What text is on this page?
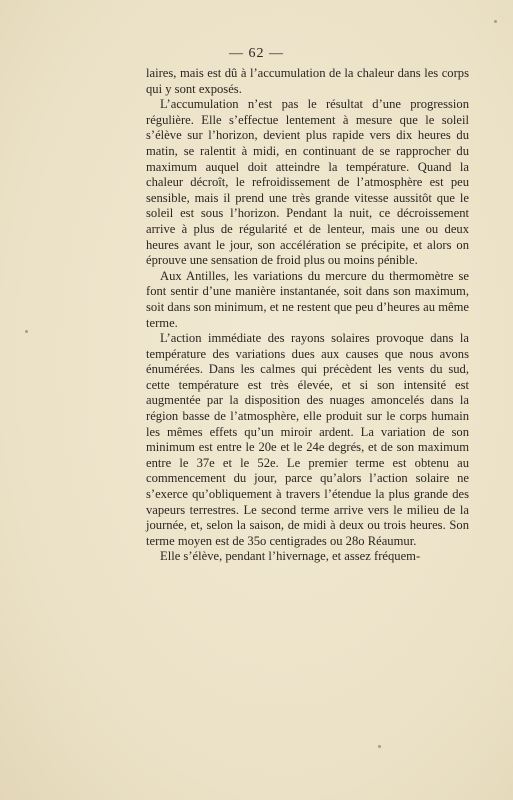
— 62 —

laires, mais est dû à l’accumulation de la chaleur dans les corps qui y sont exposés.

L’accumulation n’est pas le résultat d’une progression régulière. Elle s’effectue lentement à mesure que le soleil s’élève sur l’horizon, devient plus rapide vers dix heures du matin, se ralentit à midi, en continuant de se rapprocher du maximum auquel doit atteindre la température. Quand la chaleur décroît, le refroidissement de l’atmosphère est peu sensible, mais il prend une très grande vitesse aussitôt que le soleil est sous l’horizon. Pendant la nuit, ce décroissement arrive à plus de régularité et de lenteur, mais une ou deux heures avant le jour, son accélération se précipite, et alors on éprouve une sensation de froid plus ou moins pénible.

Aux Antilles, les variations du mercure du thermomètre se font sentir d’une manière instantanée, soit dans son maximum, soit dans son minimum, et ne restent que peu d’heures au même terme.

L’action immédiate des rayons solaires provoque dans la température des variations dues aux causes que nous avons énumérées. Dans les calmes qui précèdent les vents du sud, cette température est très élevée, et si son intensité est augmentée par la disposition des nuages amoncelés dans la région basse de l’atmosphère, elle produit sur le corps humain les mêmes effets qu’un miroir ardent. La variation de son minimum est entre le 20e et le 24e degrés, et de son maximum entre le 37e et le 52e. Le premier terme est obtenu au commencement du jour, parce qu’alors l’action solaire ne s’exerce qu’obliquement à travers l’étendue la plus grande des vapeurs terrestres. Le second terme arrive vers le milieu de la journée, et, selon la saison, de midi à deux ou trois heures. Son terme moyen est de 35o centigrades ou 28o Réaumur.

Elle s’élève, pendant l’hivernage, et assez fréquem-
